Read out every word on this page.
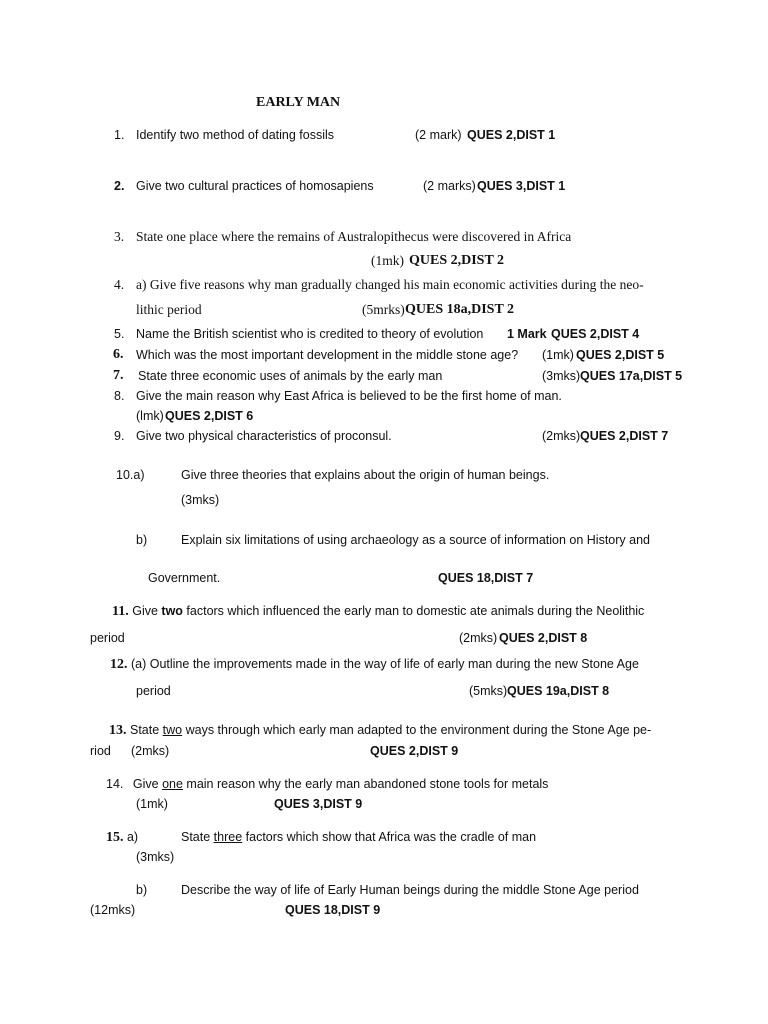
EARLY MAN
1. Identify two method of dating fossils	(2 mark) QUES 2,DIST 1
2. Give two cultural practices of homosapiens	(2 marks) QUES 3,DIST 1
3. State one place where the remains of Australopithecus were discovered in Africa
(1mk) QUES 2,DIST 2
4. a) Give five reasons why man gradually changed his main economic activities during the neo-
lithic period	(5mrks) QUES 18a,DIST 2
5. Name the British scientist who is credited to theory of evolution 1 Mark QUES 2,DIST 4
6. Which was the most important development in the middle stone age? (1mk) QUES 2,DIST 5
7. State three economic uses of animals by the early man	(3mks) QUES 17a,DIST 5
8. Give the main reason why East Africa is believed to be the first home of man.
(lmk) QUES 2,DIST 6
9. Give two physical characteristics of proconsul.	(2mks) QUES 2,DIST 7
10.a)	Give three theories that explains about the origin of human beings.
(3mks)
b)	Explain six limitations of using archaeology as a source of information on History and
Government.	QUES 18,DIST 7
11. Give two factors which influenced the early man to domestic ate animals during the Neolithic
period	(2mks) QUES 2,DIST 8
12. (a) Outline the improvements made in the way of life of early man during the new Stone Age
period	(5mks) QUES 19a,DIST 8
13. State two ways through which early man adapted to the environment during the Stone Age pe-
riod (2mks)	QUES 2,DIST 9
14. Give one main reason why the early man abandoned stone tools for metals
(1mk)	QUES 3,DIST 9
15. a)	State three factors which show that Africa was the cradle of man
(3mks)
b)	Describe the way of life of Early Human beings during the middle Stone Age period
(12mks)	QUES 18,DIST 9
